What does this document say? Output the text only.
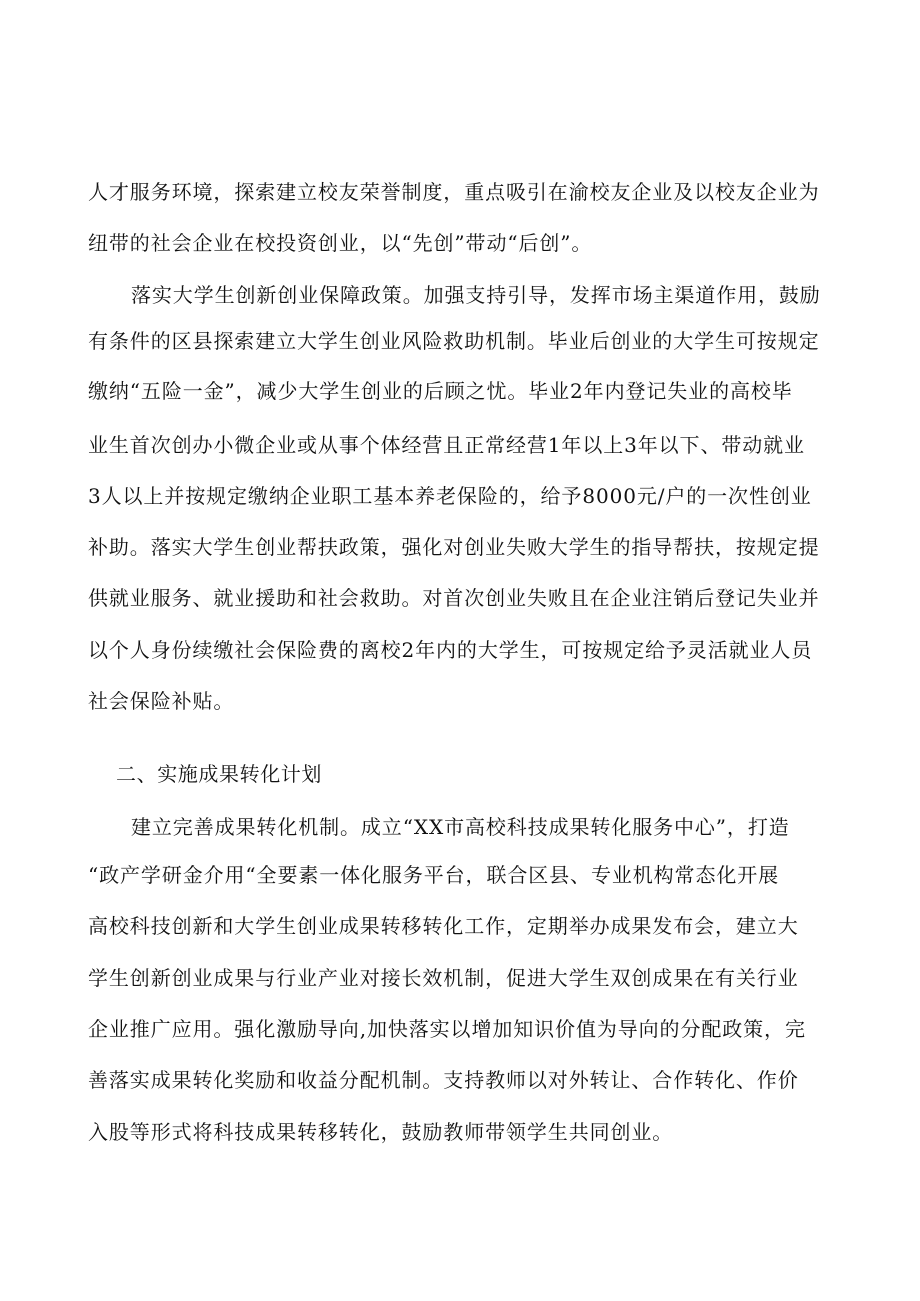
人才服务环境，探索建立校友荣誉制度，重点吸引在渝校友企业及以校友企业为
纽带的社会企业在校投资创业，以“先创”带动“后创”。
落实大学生创新创业保障政策。加强支持引导，发挥市场主渠道作用，鼓励
有条件的区县探索建立大学生创业风险救助机制。毕业后创业的大学生可按规定
缴纳“五险一金”，减少大学生创业的后顾之忧。毕业2年内登记失业的高校毕
业生首次创办小微企业或从事个体经营且正常经营1年以上3年以下、带动就业
3人以上并按规定缴纳企业职工基本养老保险的，给予8000元/户的一次性创业
补助。落实大学生创业帮扶政策，强化对创业失败大学生的指导帮扶，按规定提
供就业服务、就业援助和社会救助。对首次创业失败且在企业注销后登记失业并
以个人身份续缴社会保险费的离校2年内的大学生，可按规定给予灵活就业人员
社会保险补贴。
二、实施成果转化计划
建立完善成果转化机制。成立“XX市高校科技成果转化服务中心”，打造
“政产学研金介用“全要素一体化服务平台，联合区县、专业机构常态化开展
高校科技创新和大学生创业成果转移转化工作，定期举办成果发布会，建立大
学生创新创业成果与行业产业对接长效机制，促进大学生双创成果在有关行业
企业推广应用。强化激励导向,加快落实以增加知识价值为导向的分配政策，完
善落实成果转化奖励和收益分配机制。支持教师以对外转让、合作转化、作价
入股等形式将科技成果转移转化，鼓励教师带领学生共同创业。
